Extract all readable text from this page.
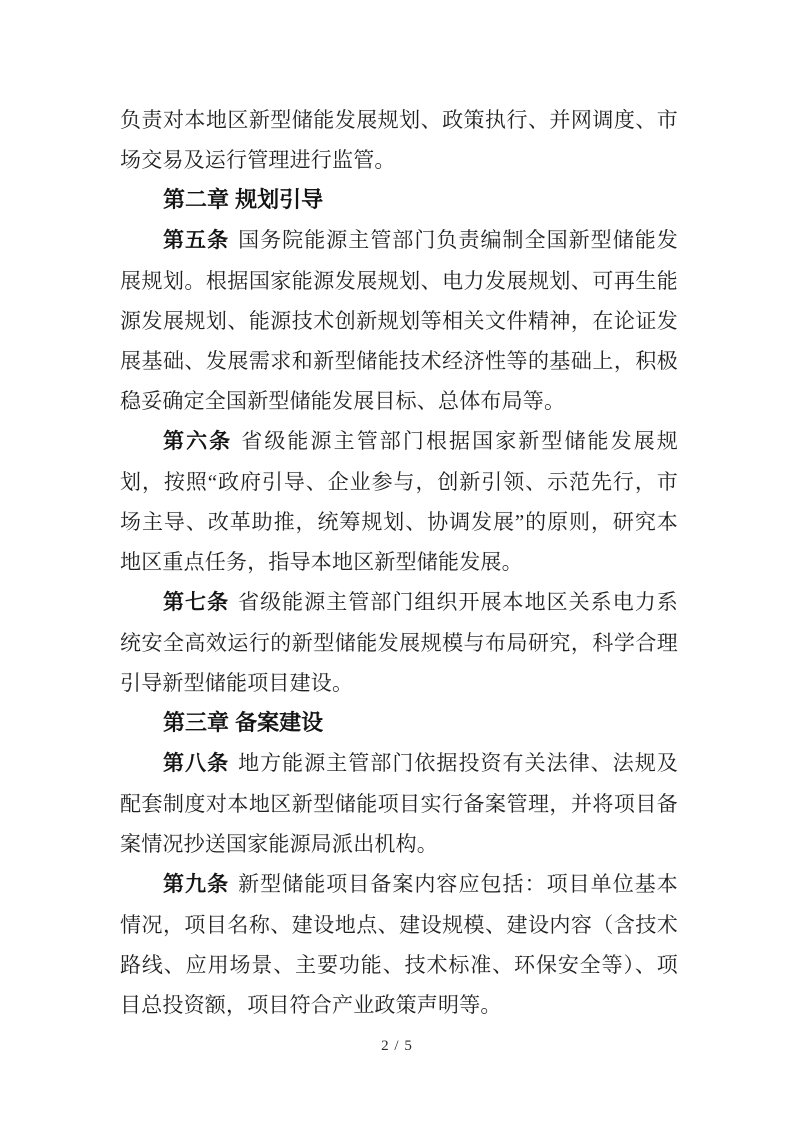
负责对本地区新型储能发展规划、政策执行、并网调度、市场交易及运行管理进行监管。

第二章 规划引导

第五条 国务院能源主管部门负责编制全国新型储能发展规划。根据国家能源发展规划、电力发展规划、可再生能源发展规划、能源技术创新规划等相关文件精神，在论证发展基础、发展需求和新型储能技术经济性等的基础上，积极稳妥确定全国新型储能发展目标、总体布局等。

第六条 省级能源主管部门根据国家新型储能发展规划，按照“政府引导、企业参与，创新引领、示范先行，市场主导、改革助推，统筹规划、协调发展”的原则，研究本地区重点任务，指导本地区新型储能发展。

第七条 省级能源主管部门组织开展本地区关系电力系统安全高效运行的新型储能发展规模与布局研究，科学合理引导新型储能项目建设。

第三章 备案建设

第八条 地方能源主管部门依据投资有关法律、法规及配套制度对本地区新型储能项目实行备案管理，并将项目备案情况抄送国家能源局派出机构。

第九条 新型储能项目备案内容应包括：项目单位基本情况，项目名称、建设地点、建设规模、建设内容（含技术路线、应用场景、主要功能、技术标准、环保安全等）、项目总投资额，项目符合产业政策声明等。

2 / 5
